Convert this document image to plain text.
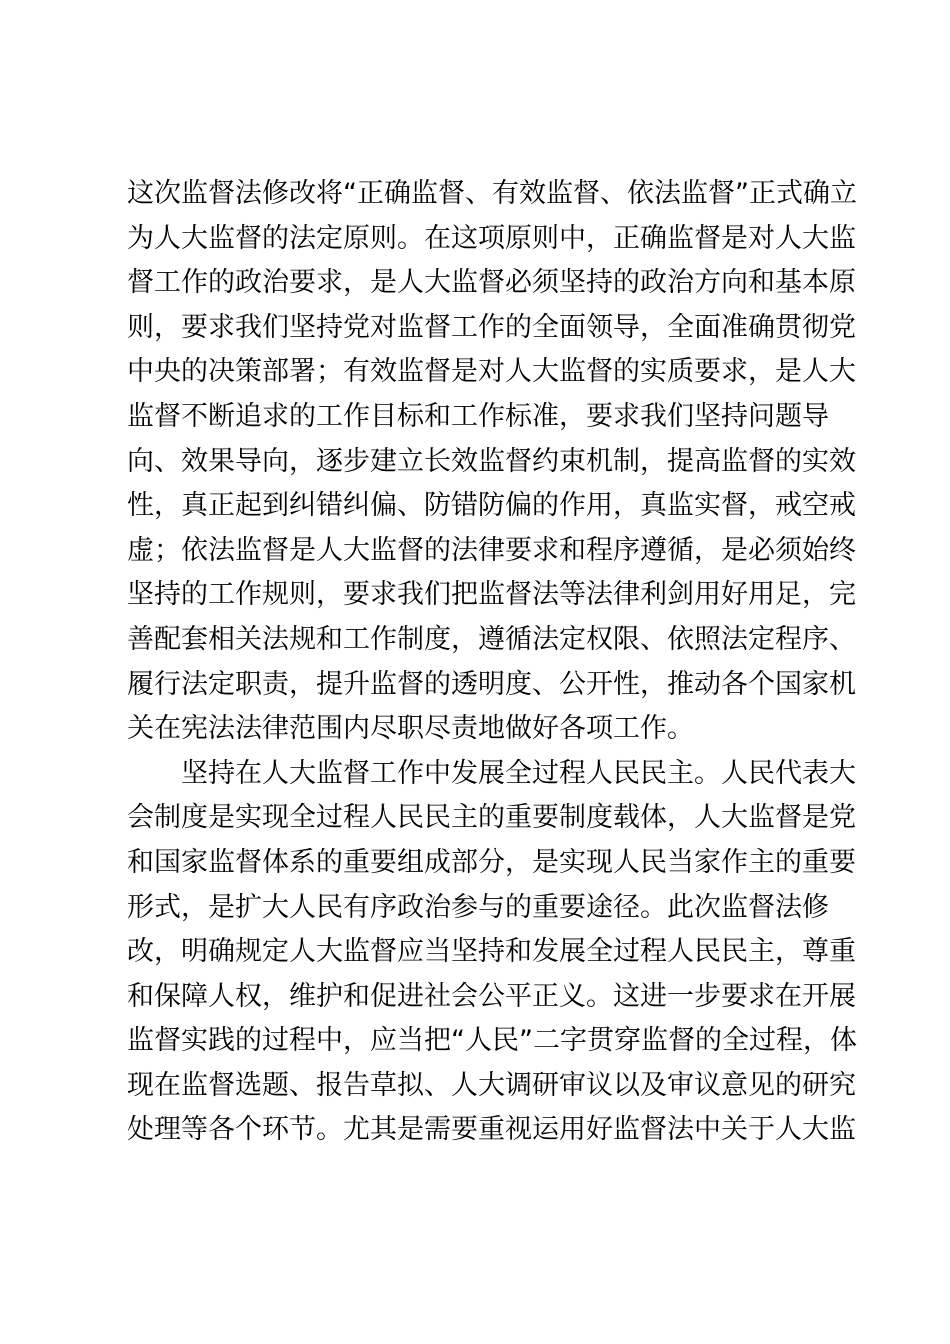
这次监督法修改将“正确监督、有效监督、依法监督”正式确立
为人大监督的法定原则。在这项原则中，正确监督是对人大监
督工作的政治要求，是人大监督必须坚持的政治方向和基本原
则，要求我们坚持党对监督工作的全面领导，全面准确贯彻党
中央的决策部署；有效监督是对人大监督的实质要求，是人大
监督不断追求的工作目标和工作标准，要求我们坚持问题导
向、效果导向，逐步建立长效监督约束机制，提高监督的实效
性，真正起到纠错纠偏、防错防偏的作用，真监实督，戒空戒
虚；依法监督是人大监督的法律要求和程序遵循，是必须始终
坚持的工作规则，要求我们把监督法等法律利剑用好用足，完
善配套相关法规和工作制度，遵循法定权限、依照法定程序、
履行法定职责，提升监督的透明度、公开性，推动各个国家机
关在宪法法律范围内尽职尽责地做好各项工作。
坚持在人大监督工作中发展全过程人民民主。人民代表大
会制度是实现全过程人民民主的重要制度载体，人大监督是党
和国家监督体系的重要组成部分，是实现人民当家作主的重要
形式，是扩大人民有序政治参与的重要途径。此次监督法修
改，明确规定人大监督应当坚持和发展全过程人民民主，尊重
和保障人权，维护和促进社会公平正义。这进一步要求在开展
监督实践的过程中，应当把“人民”二字贯穿监督的全过程，体
现在监督选题、报告草拟、人大调研审议以及审议意见的研究
处理等各个环节。尤其是需要重视运用好监督法中关于人大监
